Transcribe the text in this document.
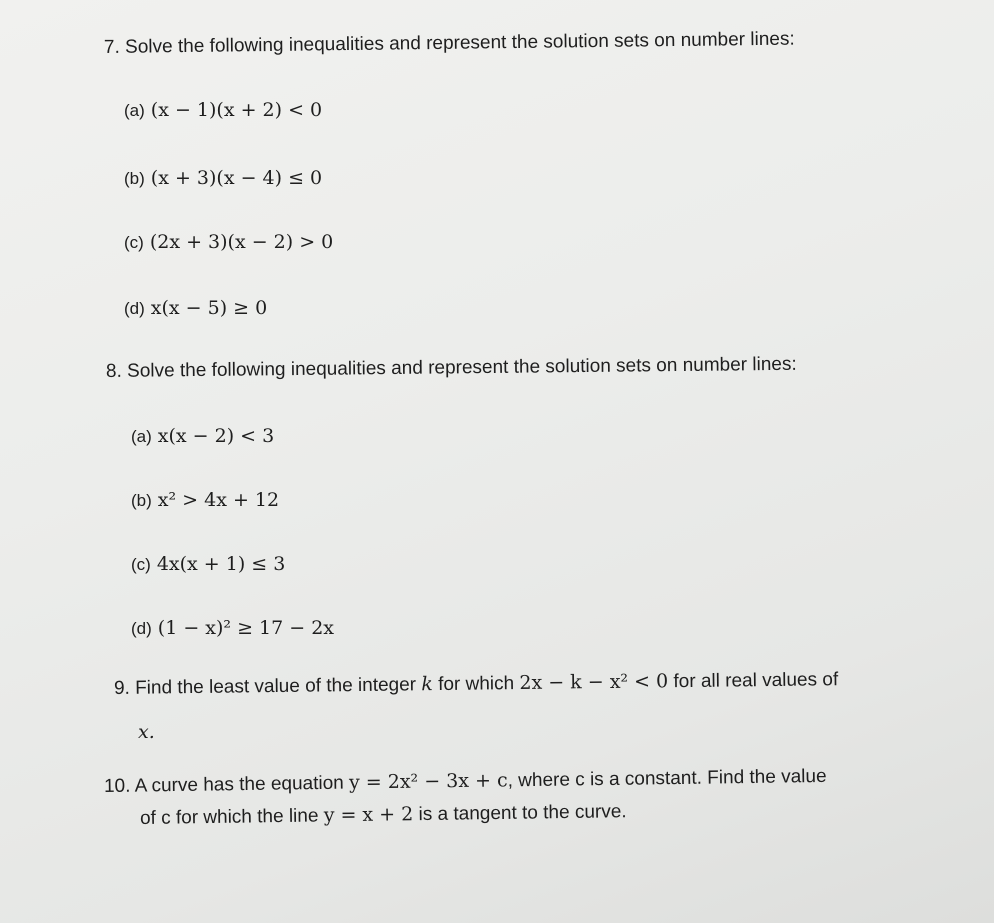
7. Solve the following inequalities and represent the solution sets on number lines:
(a) (x − 1)(x + 2) < 0
(b) (x + 3)(x − 4) ≤ 0
(c) (2x + 3)(x − 2) > 0
(d) x(x − 5) ≥ 0
8. Solve the following inequalities and represent the solution sets on number lines:
(a) x(x − 2) < 3
(b) x² > 4x + 12
(c) 4x(x + 1) ≤ 3
(d) (1 − x)² ≥ 17 − 2x
9. Find the least value of the integer k for which 2x − k − x² < 0 for all real values of
x.
10. A curve has the equation y = 2x² − 3x + c, where c is a constant. Find the value
of c for which the line y = x + 2 is a tangent to the curve.
